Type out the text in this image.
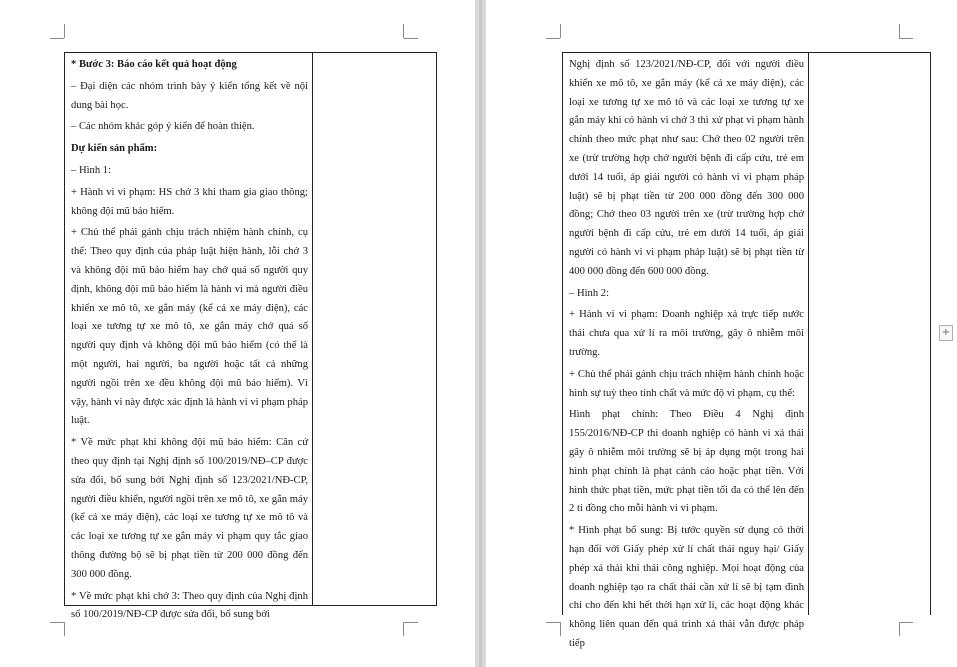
* Bước 3: Báo cáo kết quả hoạt động

– Đại diện các nhóm trình bày ý kiến tổng kết về nội dung bài học.

– Các nhóm khác góp ý kiến để hoàn thiện.

Dự kiến sản phẩm:

– Hình 1:

+ Hành vi vi phạm: HS chở 3 khi tham gia giao thông; không đội mũ bảo hiểm.

+ Chủ thể phải gánh chịu trách nhiệm hành chính, cụ thể: Theo quy định của pháp luật hiện hành, lỗi chở 3 và không đội mũ bảo hiểm hay chở quá số người quy định, không đội mũ bảo hiểm là hành vi mà người điều khiển xe mô tô, xe gắn máy (kể cả xe máy điện), các loại xe tương tự xe mô tô, xe gắn máy chở quá số người quy định và không đội mũ bảo hiểm (có thể là một người, hai người, ba người hoặc tất cả những người ngồi trên xe đều không đội mũ bảo hiểm). Vì vậy, hành vi này được xác định là hành vi vi phạm pháp luật.

* Về mức phạt khi không đội mũ bảo hiểm: Căn cứ theo quy định tại Nghị định số 100/2019/NĐ–CP được sửa đổi, bổ sung bởi Nghị định số 123/2021/NĐ-CP, người điều khiển, người ngồi trên xe mô tô, xe gắn máy (kể cả xe máy điện), các loại xe tương tự xe mô tô và các loại xe tương tự xe gắn máy vi phạm quy tắc giao thông đường bộ sẽ bị phạt tiền từ 200 000 đồng đến 300 000 đồng.

* Về mức phạt khi chở 3: Theo quy định của Nghị định số 100/2019/NĐ-CP được sửa đổi, bổ sung bởi

Nghị định số 123/2021/NĐ-CP, đối với người điều khiển xe mô tô, xe gắn máy (kể cả xe máy điện), các loại xe tương tự xe mô tô và các loại xe tương tự xe gắn máy khi có hành vi chở 3 thì xử phạt vi phạm hành chính theo mức phạt như sau: Chở theo 02 người trên xe (trừ trường hợp chở người bệnh đi cấp cứu, trẻ em dưới 14 tuổi, áp giải người có hành vi vi phạm pháp luật) sẽ bị phạt tiền từ 200 000 đồng đến 300 000 đồng; Chở theo 03 người trên xe (trừ trường hợp chở người bệnh đi cấp cứu, trẻ em dưới 14 tuổi, áp giải người có hành vi vi phạm pháp luật) sẽ bị phạt tiền từ 400 000 đồng đến 600 000 đồng.

– Hình 2:

+ Hành vi vi phạm: Doanh nghiệp xả trực tiếp nước thải chưa qua xử lí ra môi trường, gây ô nhiễm môi trường.

+ Chủ thể phải gánh chịu trách nhiệm hành chính hoặc hình sự tuỳ theo tính chất và mức độ vi phạm, cụ thể:

Hình phạt chính: Theo Điều 4 Nghị định 155/2016/NĐ-CP thì doanh nghiệp có hành vi xả thải gây ô nhiễm môi trường sẽ bị áp dụng một trong hai hình phạt chính là phạt cảnh cáo hoặc phạt tiền. Với hình thức phạt tiền, mức phạt tiền tối đa có thể lên đến 2 tỉ đồng cho mỗi hành vi vi phạm.

* Hình phạt bổ sung: Bị tước quyền sử dụng có thời hạn đối với Giấy phép xử lí chất thải nguy hại/ Giấy phép xả thải khi thải công nghiệp. Mọi hoạt động của doanh nghiệp tạo ra chất thải cần xử lí sẽ bị tạm đình chỉ cho đến khi hết thời hạn xử lí, các hoạt động khác không liên quan đến quá trình xả thải vẫn được pháp tiếp

+
